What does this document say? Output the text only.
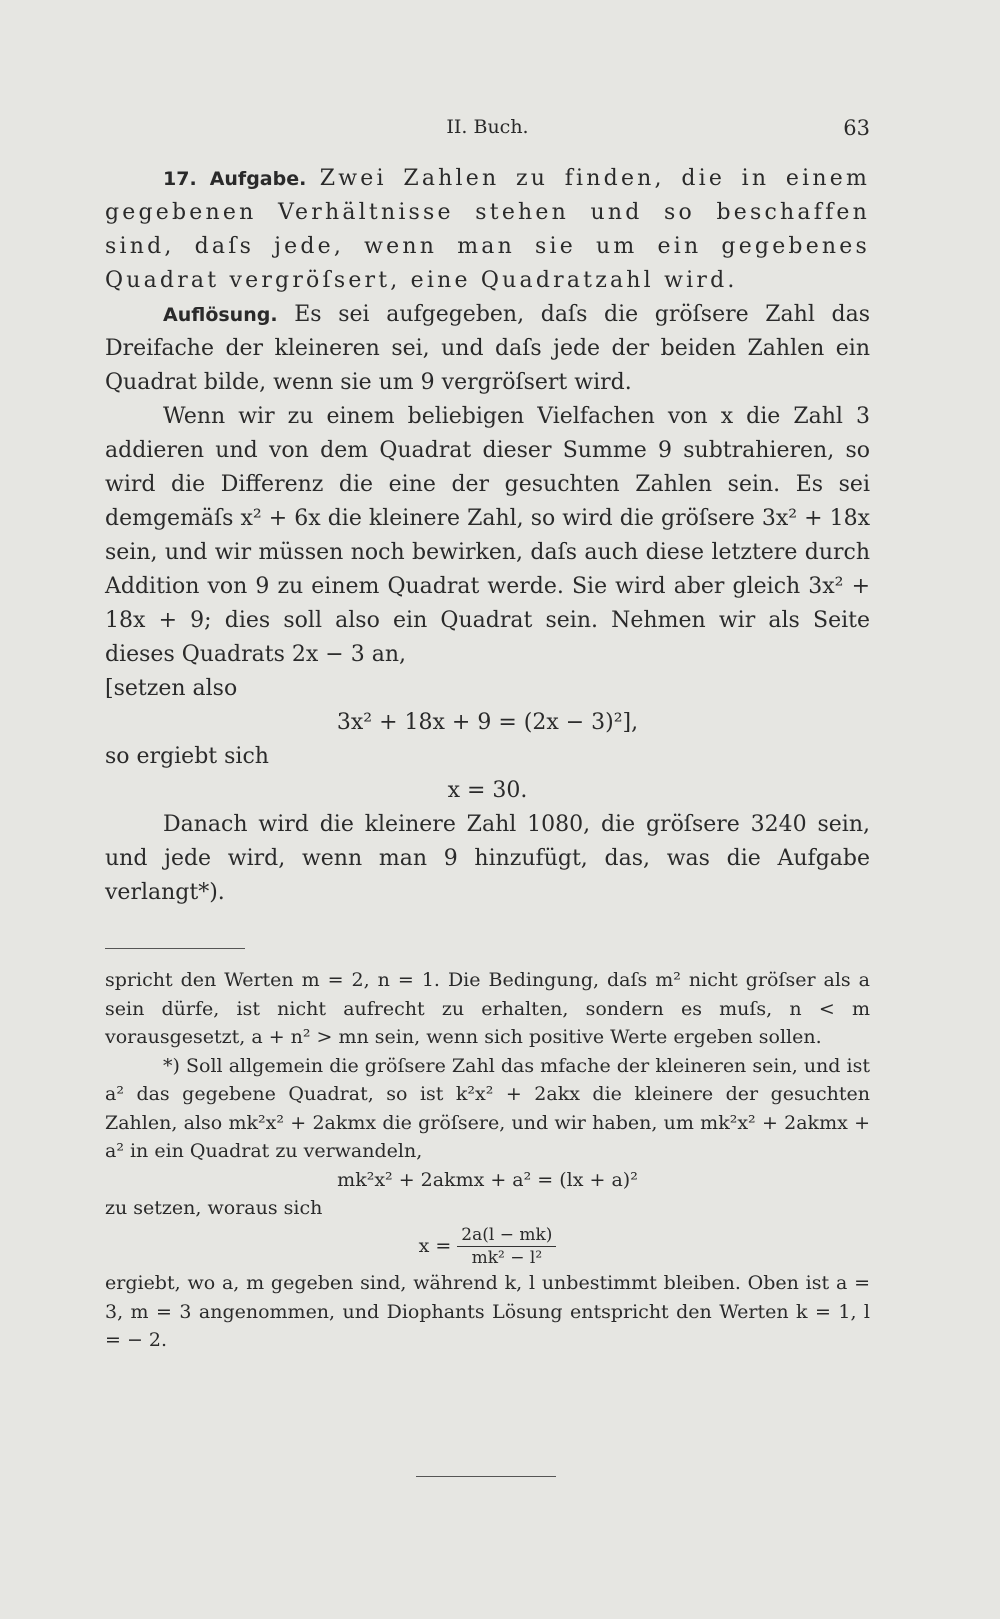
II. Buch.	63

17. Aufgabe. Zwei Zahlen zu finden, die in einem gegebenen Verhältnisse stehen und so beschaffen sind, daſs jede, wenn man sie um ein gegebenes Quadrat vergröſsert, eine Quadratzahl wird.

Auflösung. Es sei aufgegeben, daſs die gröſsere Zahl das Dreifache der kleineren sei, und daſs jede der beiden Zahlen ein Quadrat bilde, wenn sie um 9 vergröſsert wird.

Wenn wir zu einem beliebigen Vielfachen von x die Zahl 3 addieren und von dem Quadrat dieser Summe 9 subtrahieren, so wird die Differenz die eine der gesuchten Zahlen sein. Es sei demgemäſs x² + 6x die kleinere Zahl, so wird die gröſsere 3x² + 18x sein, und wir müssen noch bewirken, daſs auch diese letztere durch Addition von 9 zu einem Quadrat werde. Sie wird aber gleich 3x² + 18x + 9; dies soll also ein Quadrat sein. Nehmen wir als Seite dieses Quadrats 2x − 3 an,

[setzen also

3x² + 18x + 9 = (2x − 3)²],

so ergiebt sich

x = 30.

Danach wird die kleinere Zahl 1080, die gröſsere 3240 sein, und jede wird, wenn man 9 hinzufügt, das, was die Aufgabe verlangt*).

spricht den Werten m = 2, n = 1. Die Bedingung, daſs m² nicht gröſser als a sein dürfe, ist nicht aufrecht zu erhalten, sondern es muſs, n < m vorausgesetzt, a + n² > mn sein, wenn sich positive Werte ergeben sollen.

*) Soll allgemein die gröſsere Zahl das mfache der kleineren sein, und ist a² das gegebene Quadrat, so ist k²x² + 2akx die kleinere der gesuchten Zahlen, also mk²x² + 2akmx die gröſsere, und wir haben, um mk²x² + 2akmx + a² in ein Quadrat zu verwandeln,

mk²x² + 2akmx + a² = (lx + a)²

zu setzen, woraus sich

$x = \frac{2a(l - mk)}{\text{mk² − l²}}$

ergiebt, wo a, m gegeben sind, während k, l unbestimmt bleiben. Oben ist a = 3, m = 3 angenommen, und Diophants Lösung entspricht den Werten k = 1, l = − 2.
